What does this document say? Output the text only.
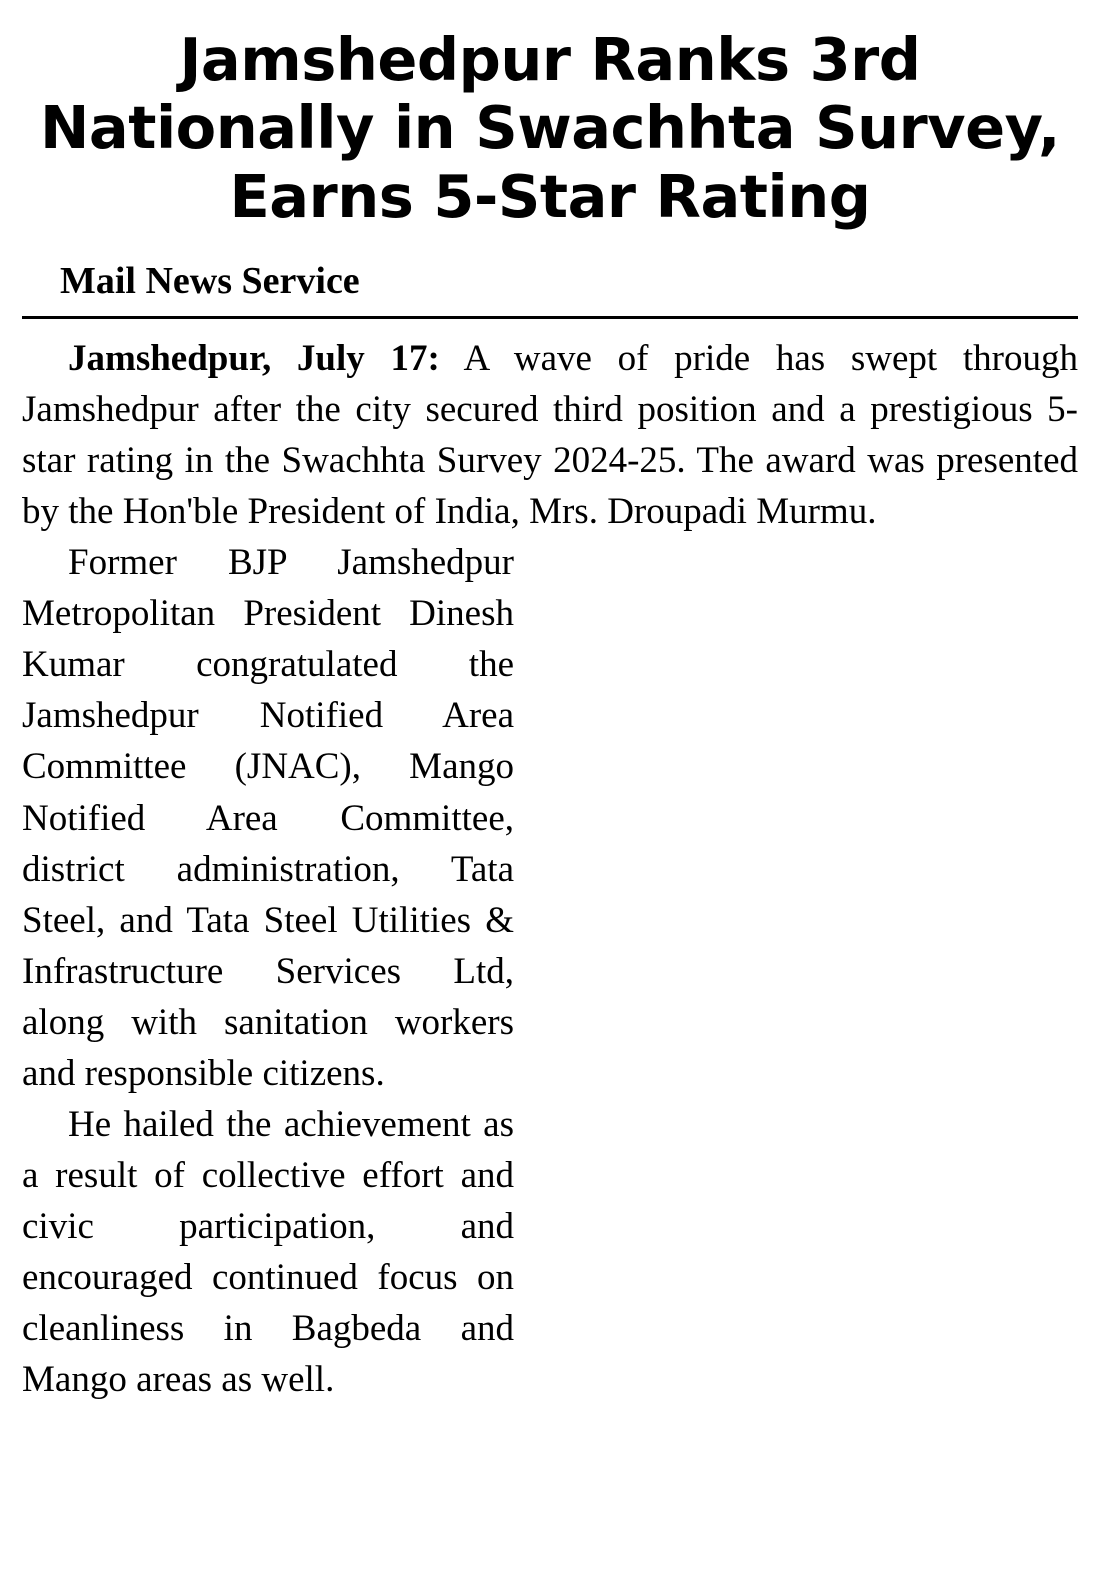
Jamshedpur Ranks 3rd Nationally in Swachhta Survey, Earns 5-Star Rating
Mail News Service

Jamshedpur, July 17: A wave of pride has swept through Jamshedpur after the city secured third position and a prestigious 5-star rating in the Swachhta Survey 2024-25. The award was presented by the Hon'ble President of India, Mrs. Droupadi Murmu.

Former BJP Jamshedpur Metropolitan President Dinesh Kumar congratulated the Jamshedpur Notified Area Committee (JNAC), Mango Notified Area Committee, district administration, Tata Steel, and Tata Steel Utilities & Infrastructure Services Ltd, along with sanitation workers and responsible citizens.

He hailed the achievement as a result of collective effort and civic participation, and encouraged continued focus on cleanliness in Bagbeda and Mango areas as well.
